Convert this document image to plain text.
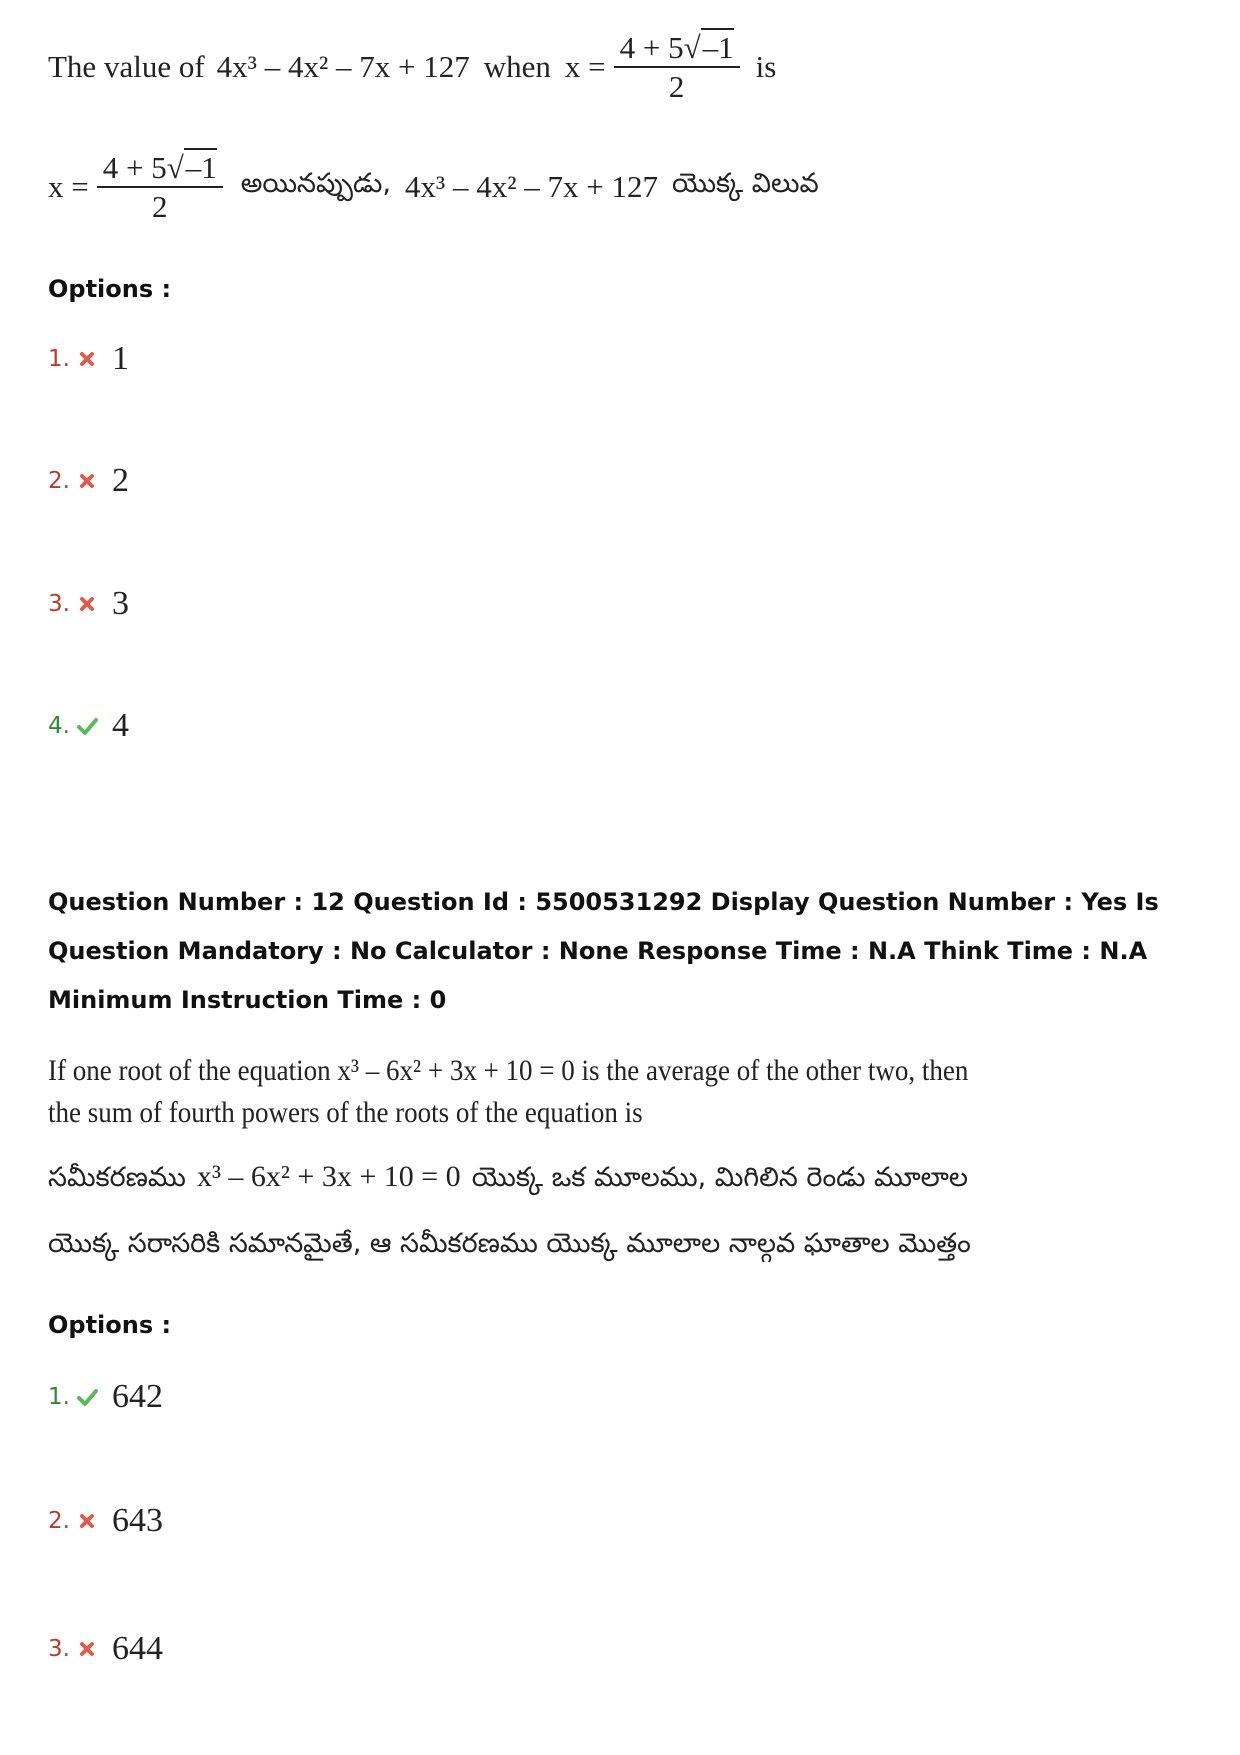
The value of 4x³ – 4x² – 7x + 127 when $x = \frac{4 + 5√-1}{2}$ is
$x = \frac{4 + 5√-1}{2}$ అయినప్పుడు, 4x³ – 4x² – 7x + 127 యొక్క విలువ
Options :
1. 1
2. 2
3. 3
4. 4
Question Number : 12 Question Id : 5500531292 Display Question Number : Yes Is Question Mandatory : No Calculator : None Response Time : N.A Think Time : N.A Minimum Instruction Time : 0
If one root of the equation x³ – 6x² + 3x + 10 = 0 is the average of the other two, then
the sum of fourth powers of the roots of the equation is
సమీకరణము x³ – 6x² + 3x + 10 = 0 యొక్క ఒక మూలము, మిగిలిన రెండు మూలాల
యొక్క సరాసరికి సమానమైతే, ఆ సమీకరణము యొక్క మూలాల నాల్గవ ఘాతాల మొత్తం
Options :
1. 642
2. 643
3. 644
